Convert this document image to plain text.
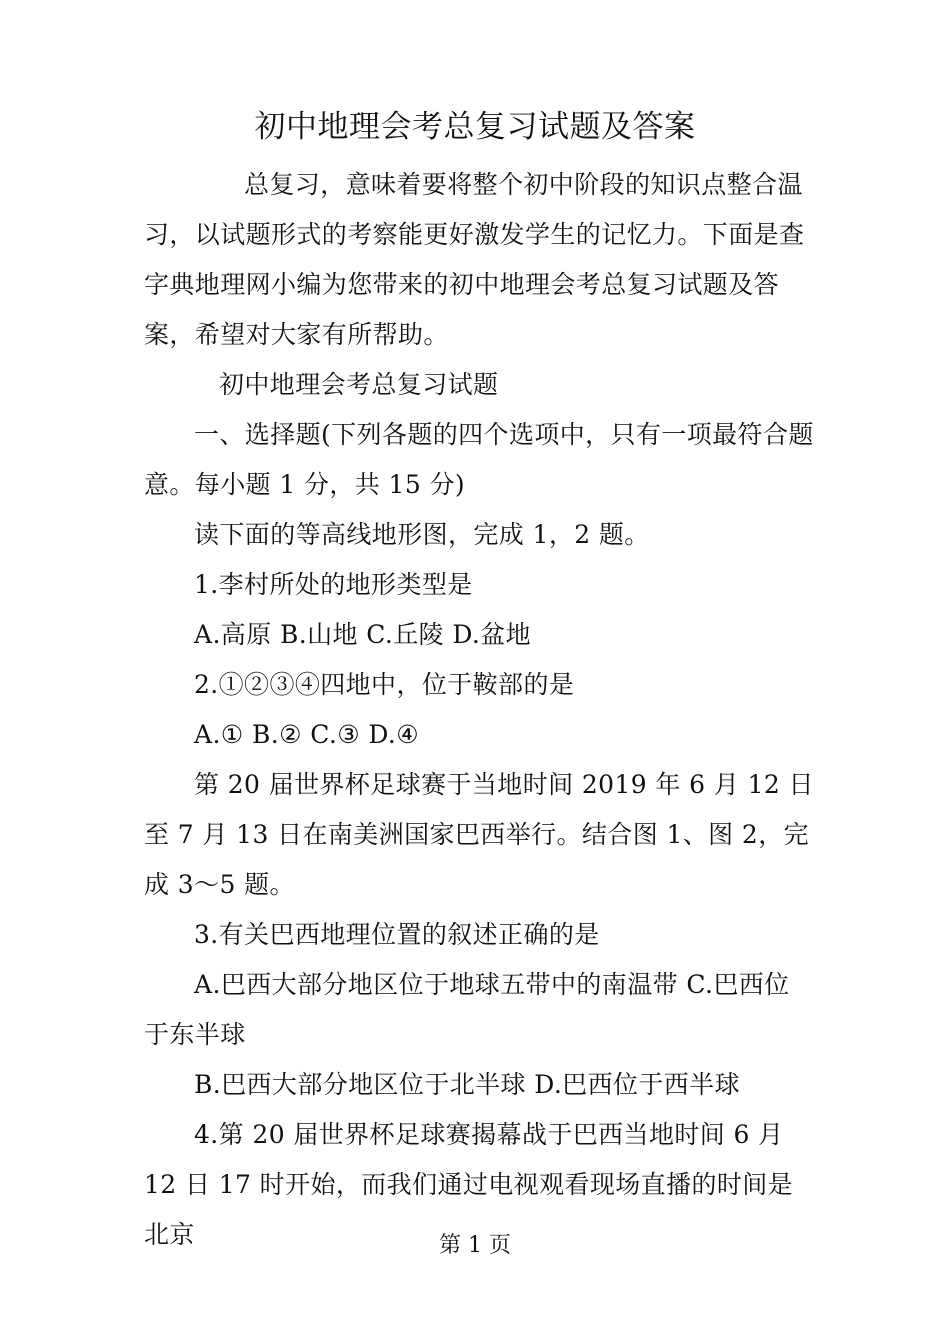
初中地理会考总复习试题及答案

总复习，意味着要将整个初中阶段的知识点整合温习，以试题形式的考察能更好激发学生的记忆力。下面是查字典地理网小编为您带来的初中地理会考总复习试题及答案，希望对大家有所帮助。

初中地理会考总复习试题

一、选择题(下列各题的四个选项中，只有一项最符合题意。每小题 1 分，共 15 分)

读下面的等高线地形图，完成 1，2 题。

1.李村所处的地形类型是

A.高原 B.山地 C.丘陵 D.盆地

2.①②③④四地中，位于鞍部的是

A.① B.② C.③ D.④

第 20 届世界杯足球赛于当地时间 2019 年 6 月 12 日至 7 月 13 日在南美洲国家巴西举行。结合图 1、图 2，完成 3～5 题。

3.有关巴西地理位置的叙述正确的是

A.巴西大部分地区位于地球五带中的南温带 C.巴西位于东半球

B.巴西大部分地区位于北半球 D.巴西位于西半球

4.第 20 届世界杯足球赛揭幕战于巴西当地时间 6 月 12 日 17 时开始，而我们通过电视观看现场直播的时间是北京	第 1 页
